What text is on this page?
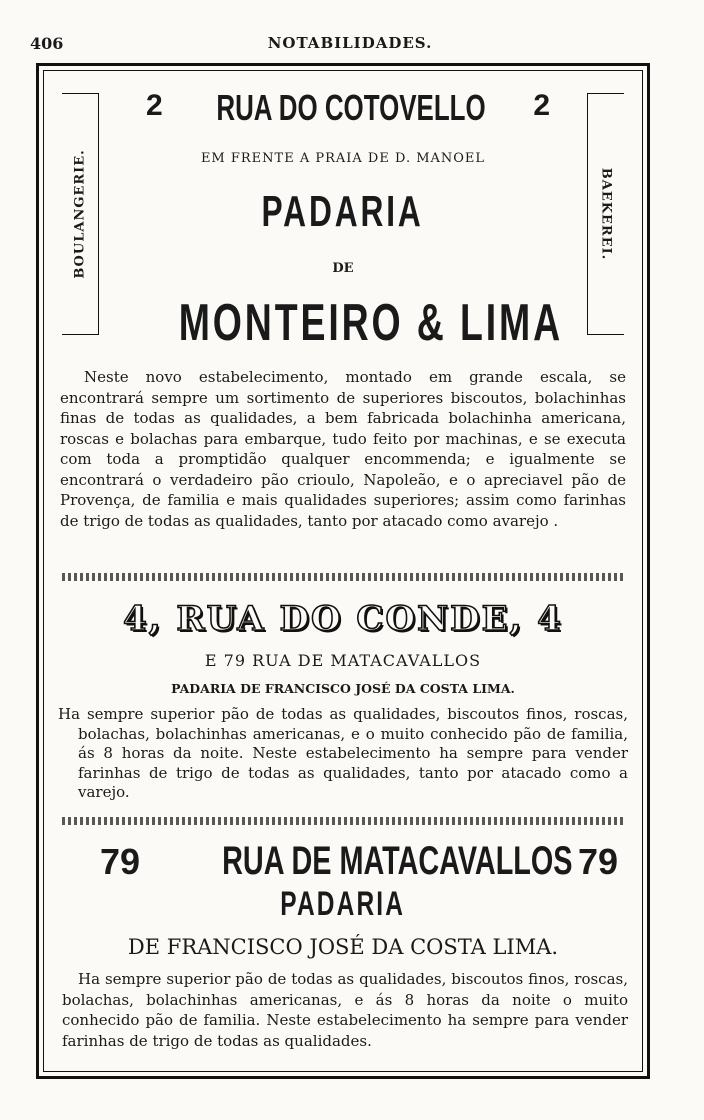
406	NOTABILIDADES.
BOULANGERIE.	BAEKEREI.
2	RUA DO COTOVELLO	2
EM FRENTE A PRAIA DE D. MANOEL
PADARIA
DE
MONTEIRO & LIMA
Neste novo estabelecimento, montado em grande escala, se encontrará sempre um sortimento de superiores biscoutos, bolachinhas finas de todas as qualidades, a bem fabricada bolachinha americana, roscas e bolachas para embarque, tudo feito por machinas, e se executa com toda a promptidão qualquer encommenda; e igualmente se encontrará o verdadeiro pão crioulo, Napoleão, e o apreciavel pão de Provença, de familia e mais qualidades superiores; assim como farinhas de trigo de todas as qualidades, tanto por atacado como avarejo .
4, RUA DO CONDE, 4
E 79 RUA DE MATACAVALLOS
PADARIA DE FRANCISCO JOSÉ DA COSTA LIMA.
Ha sempre superior pão de todas as qualidades, biscoutos finos, roscas, bolachas, bolachinhas americanas, e o muito conhecido pão de familia, ás 8 horas da noite. Neste estabelecimento ha sempre para vender farinhas de trigo de todas as qualidades, tanto por atacado como a varejo.
79	RUA DE MATACAVALLOS 79
PADARIA
DE FRANCISCO JOSÉ DA COSTA LIMA.
Ha sempre superior pão de todas as qualidades, biscoutos finos, roscas, bolachas, bolachinhas americanas, e ás 8 horas da noite o muito conhecido pão de familia. Neste estabelecimento ha sempre para vender farinhas de trigo de todas as qualidades.
